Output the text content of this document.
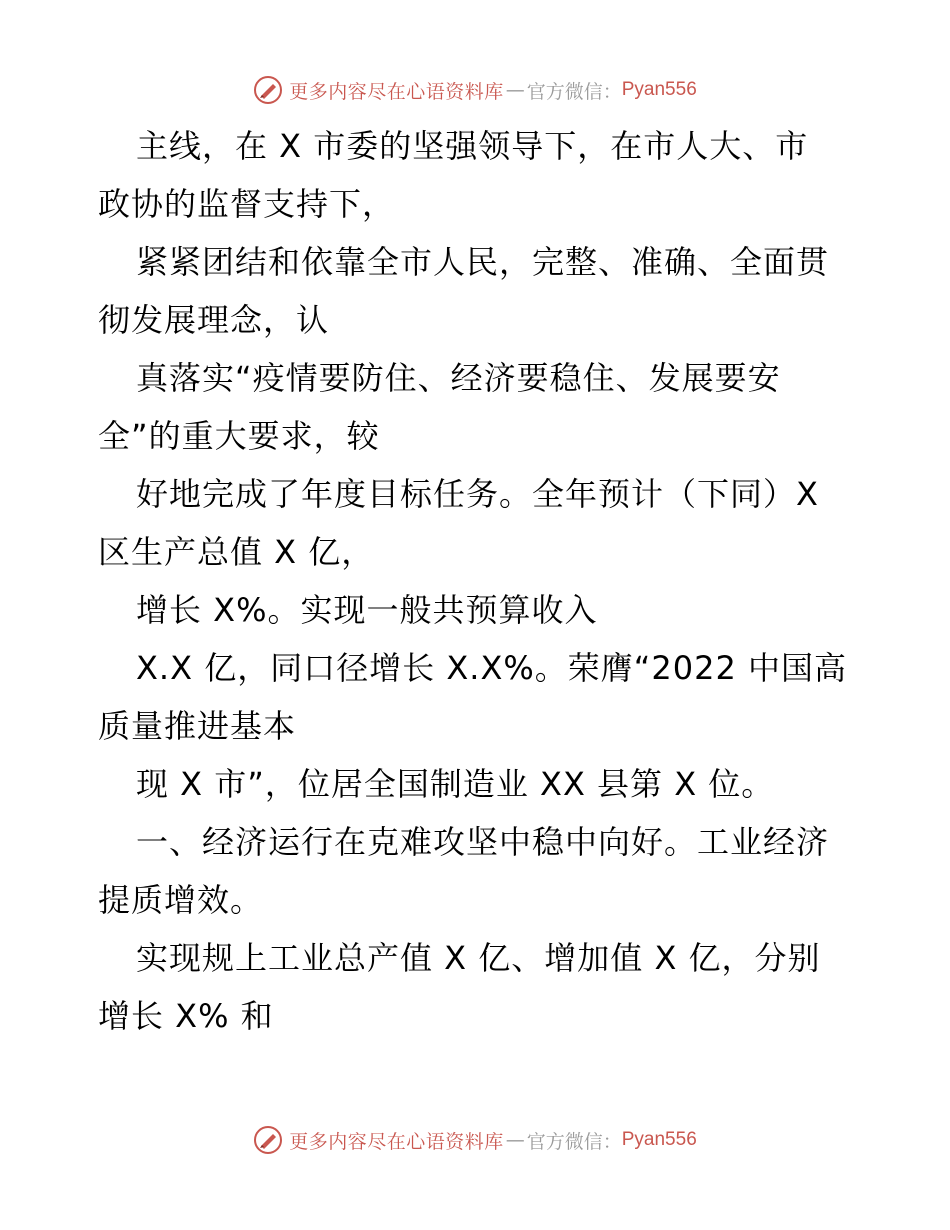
更多内容尽在心语资料库 — 官方微信： Pyan556
主线，在 X 市委的坚强领导下，在市人大、市
政协的监督支持下，
紧紧团结和依靠全市人民，完整、准确、全面贯
彻发展理念，认
真落实“疫情要防住、经济要稳住、发展要安
全”的重大要求，较
好地完成了年度目标任务。全年预计（下同）X
区生产总值 X 亿，
增长 X%。实现一般共预算收入
X.X 亿，同口径增长 X.X%。荣膺“2022 中国高
质量推进基本
现 X 市”，位居全国制造业 XX 县第 X 位。
一、经济运行在克难攻坚中稳中向好。工业经济
提质增效。
实现规上工业总产值 X 亿、增加值 X 亿，分别
增长 X% 和
更多内容尽在心语资料库 — 官方微信： Pyan556
